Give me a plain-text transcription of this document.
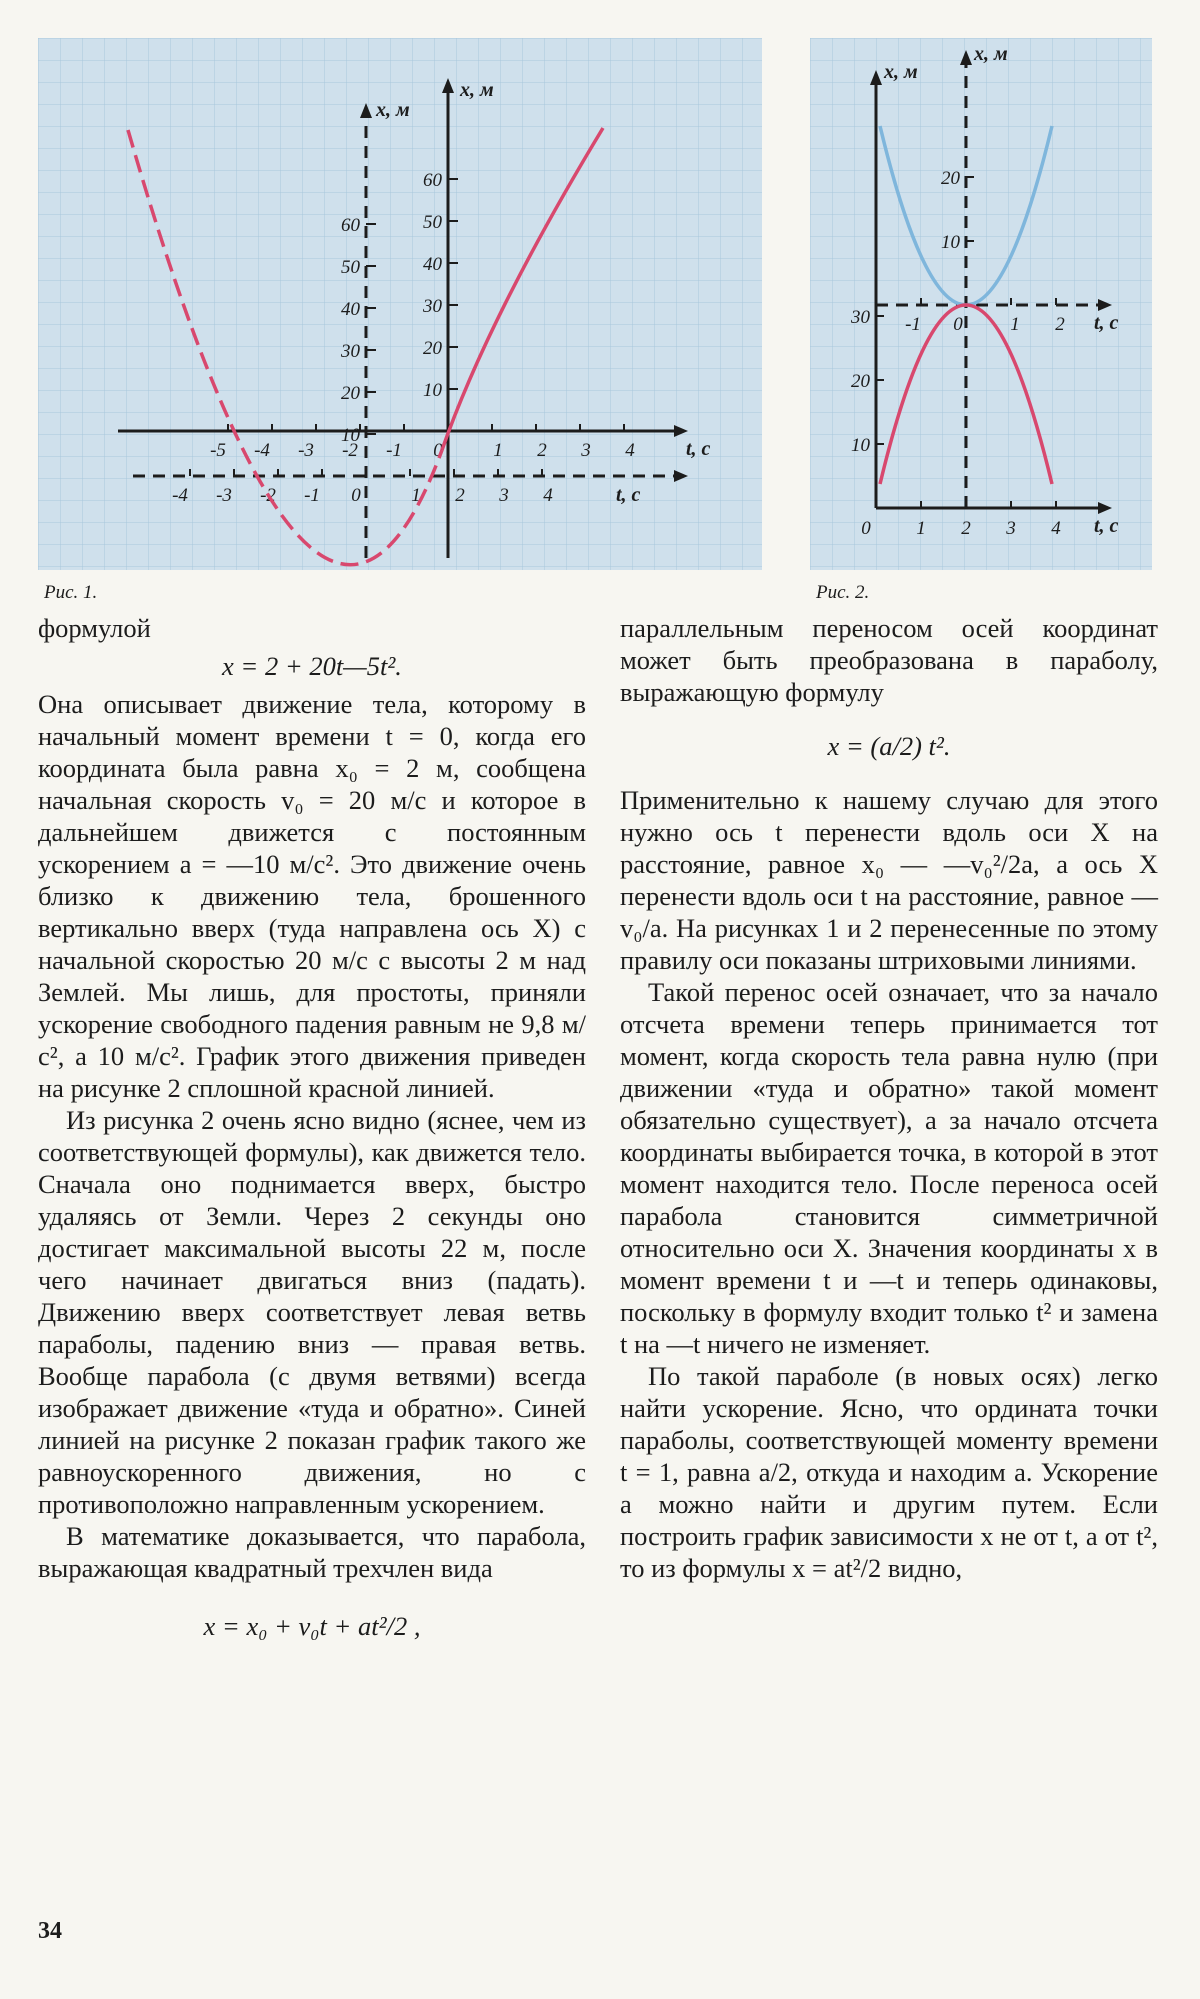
60
50
40
30
20
10
60
50
40
30
20
10
-5 -4 -3 -2 -1 0	1 2 3 4
-4 -3 -2 -1 0	1 2 3 4
x, м
x, м
t, с
t, с
Рис. 1.
30
20
10
20
10
0 1 2 3 4
-1 0	1 2
x, м
x, м
t, с
t, с
Рис. 2.

формулой

x = 2 + 20t—5t².

Она описывает движение тела, которому в начальный момент времени t = 0, когда его координата была равна x₀ = 2 м, сообщена начальная скорость v₀ = 20 м/с и которое в дальнейшем движется с постоянным ускорением a = —10 м/с². Это движение очень близко к движению тела, брошенного вертикально вверх (туда направлена ось X) с начальной скоростью 20 м/с с высоты 2 м над Землей. Мы лишь, для простоты, приняли ускорение свободного падения равным не 9,8 м/с², а 10 м/с². График этого движения приведен на рисунке 2 сплошной красной линией.

Из рисунка 2 очень ясно видно (яснее, чем из соответствующей формулы), как движется тело. Сначала оно поднимается вверх, быстро удаляясь от Земли. Через 2 секунды оно достигает максимальной высоты 22 м, после чего начинает двигаться вниз (падать). Движению вверх соответствует левая ветвь параболы, падению вниз — правая ветвь. Вообще парабола (с двумя ветвями) всегда изображает движение «туда и обратно». Синей линией на рисунке 2 показан график такого же равноускоренного движения, но с противоположно направленным ускорением.

В математике доказывается, что парабола, выражающая квадратный трехчлен вида

x = x₀ + v₀t + at²/2 ,

параллельным переносом осей координат может быть преобразована в параболу, выражающую формулу

x = (a/2) t².

Применительно к нашему случаю для этого нужно ось t перенести вдоль оси X на расстояние, равное x₀ — —v₀²/2a, а ось X перенести вдоль оси t на расстояние, равное —v₀/a. На рисунках 1 и 2 перенесенные по этому правилу оси показаны штриховыми линиями.

Такой перенос осей означает, что за начало отсчета времени теперь принимается тот момент, когда скорость тела равна нулю (при движении «туда и обратно» такой момент обязательно существует), а за начало отсчета координаты выбирается точка, в которой в этот момент находится тело. После переноса осей парабола становится симметричной относительно оси X. Значения координаты x в момент времени t и —t и теперь одинаковы, поскольку в формулу входит только t² и замена t на —t ничего не изменяет.

По такой параболе (в новых осях) легко найти ускорение. Ясно, что ордината точки параболы, соответствующей моменту времени t = 1, равна a/2, откуда и находим a. Ускорение a можно найти и другим путем. Если построить график зависимости x не от t, а от t², то из формулы x = at²/2 видно,

34
